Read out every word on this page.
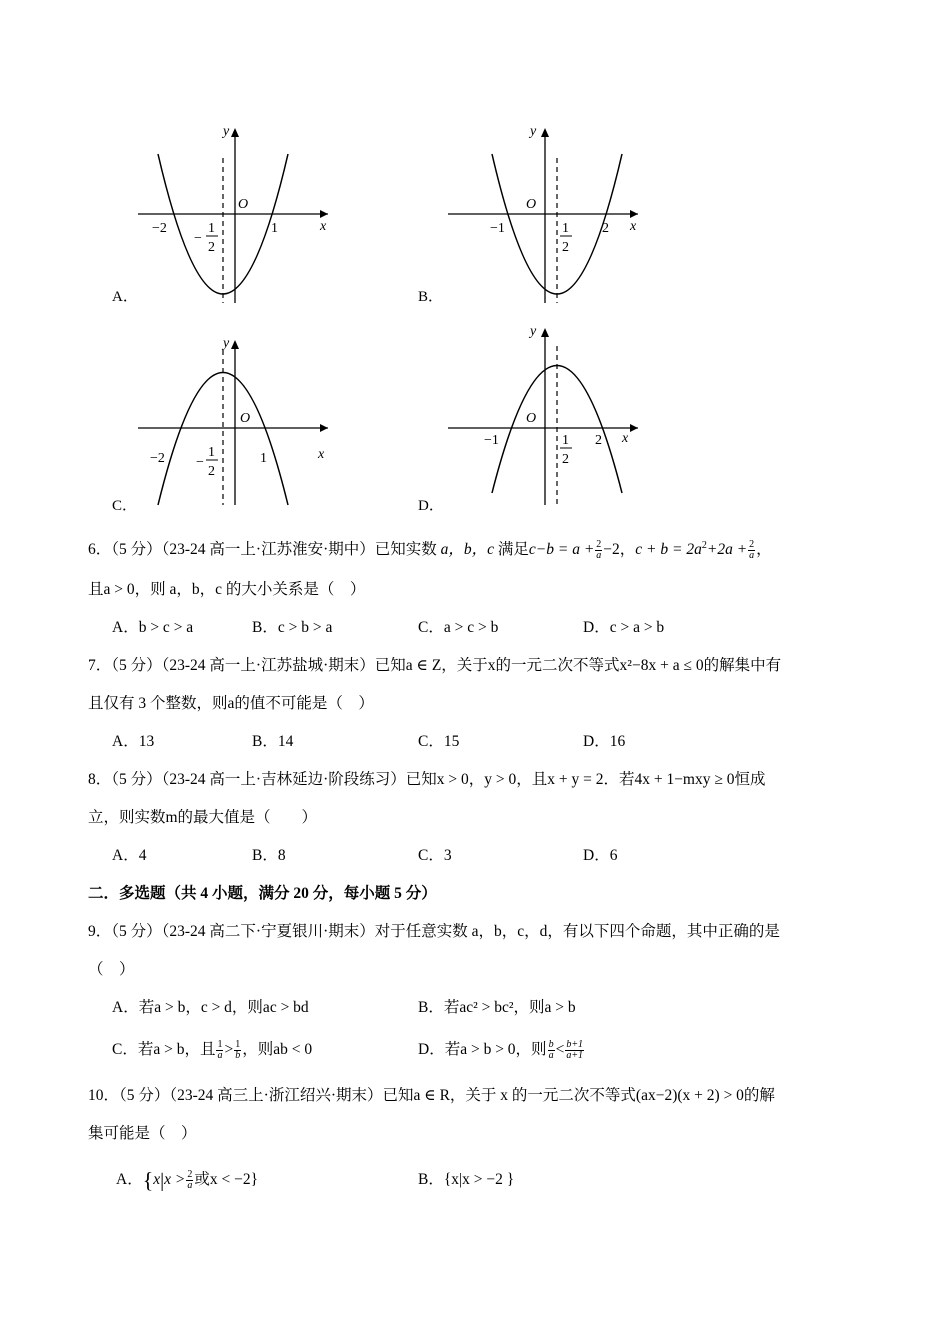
y
x
O
−2
−
1
2
1
A．
y
x
O
−1	1
2
2
B．
y
x
O
−2 −
1
2
1
C．
y
x
O
−1	1
2
2
D．
6．（5 分）（23-24 高一上·江苏淮安·期中）已知实数 a，b，c 满足$c-b = a + \frac{2}{a} -2$，$c + b = 2a^2+2a + \frac{2}{a}$ ，
且a > 0，则 a，b，c 的大小关系是（　）
A．b > c > a	B．c > b > a	C．a > c > b	D．c > a > b
7．（5 分）（23-24 高一上·江苏盐城·期末）已知a ∈ Z，关于x的一元二次不等式x²−8x + a ≤ 0的解集中有
且仅有 3 个整数，则a的值不可能是（　）
A．13	B．14	C．15	D．16
8．（5 分）（23-24 高一上·吉林延边·阶段练习）已知x > 0，y > 0，且x + y = 2．若4x + 1−mxy ≥ 0恒成
立，则实数m的最大值是（　　）
A．4	B．8	C．3	D．6
二．多选题（共 4 小题，满分 20 分，每小题 5 分）
9．（5 分）（23-24 高二下·宁夏银川·期末）对于任意实数 a，b，c，d，有以下四个命题，其中正确的是
（　）
A．若a > b，c > d，则ac > bd	B．若ac² > bc²，则a > b
C．若a > b，且 $\frac{1}{a} > \frac{1}{b}$ ，则ab < 0	D．若a > b > 0，则 $\frac{b}{a} < \frac{b+1}{a+1}$
10．（5 分）（23-24 高三上·浙江绍兴·期末）已知a ∈ R，关于 x 的一元二次不等式(ax−2)(x + 2) > 0的解
集可能是（　）
A．{$x|x > \frac{2}{a}$ 或x < −2}	B．{x|x > −2 }
